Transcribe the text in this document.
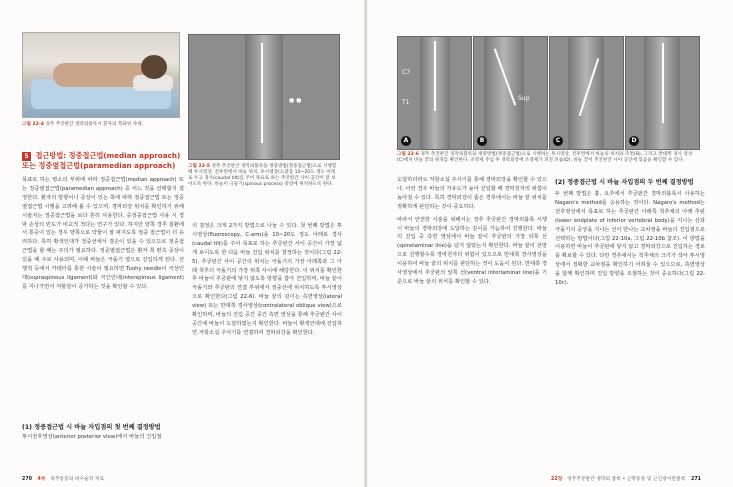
그림 22-4 경추 추궁판간 경막외블록시 환자의 복와위 자세.
● ●
그림 22-5 경추 추궁판간 경막외블록을 정중방법(정중접근법)으로 시행할 때 투시영상. 전후면에서 바늘 위치, 투시영상(도달을 10~20도 정도 아래로 두고 경사(caudal tilt)를 주어 목표로 하는 추궁판간 사이 공간이 잘 보이도록 한다. 바늘이 극돌기(spinous process) 중앙에 위치하도록 한다.
5 접근방법: 정중접근법(median approach) 또는 정중옆접근법(paramedian approach)
목표로 하는 병소의 부위에 따라 정중접근법(median approach) 또는 정중옆접근법(paramedian approach) 중 어느 것을 선택할지 결정한다. 환자의 방향이나 증상이 있는 쪽에 따라 정중접근법 또는 정중옆접근법 시행을 고려해 볼 수 있으며, 경막외강 위치를 확인하기 위해 시술자는 정중접근법을 보다 흔히 사용한다. 중정중접근법 사용 시 경막 손상의 빈도가 비교적 적다는 연구가 있다. 하지만 양쪽 경추 질환에서 통증이 있는 경우 양쪽으로 약물이 잘 퍼지도록 정중 접근법이 더 유리하다. 특히 황색인대가 정중선에서 결손이 있을 수 있으므로 정중접근법을 할 때는 주의가 필요하다. 정중옆접근법은 환자 쪽 편측 증상이 있을 때 주로 사용되며, 이때 바늘은 극돌기 옆으로 진입하게 된다. 선행적 등에서 카테터를 통한 시술이 필요하면 Tuohy needle이 극상인대(supraspinous ligament)와 극간인대(interspinous ligament)를 지나가면서 저항감이 증가하는 것을 확인할 수 있다.
(1) 정중접근법 시 바늘 자입점의 첫 번째 결정방법
투시전후영상(anterior posterior view)에서 바늘의 진입점
의 결정은 크게 2가지 방법으로 나눌 수 있다. 첫 번째 방법은 투시영상(fluoroscopy, C-arm)을 10~20도 정도 아래로 경사(caudal tilt)를 주어 목표로 하는 추궁판간 사이 공간이 가장 넓게 보이도록 한 다음 바늘 진입 위치를 결정하는 것이다(그림 22-5). 추궁판간 사이 공간의 위치는 극돌기의 가장 아래쪽과 그 아래 척추의 극돌기의 가장 위쪽 사이에 해당한다. 이 위치를 확인한 후 바늘이 추궁판에 닿지 않도록 방향을 잡아 진입하며, 바늘 끝이 극돌기와 추궁판의 연결 부위에서 정중선에 위치하도록 투시영상으로 확인한다(그림 22-6). 바늘 끝의 깊이는 측면영상(lateral view) 또는 반대쪽 경사영상(contralateral oblique view)으로 확인하며, 바늘의 진입 중간 중간 측면 영상을 통해 추궁판간 사이 공간에 바늘이 도달하였는지 확인한다. 바늘이 황색인대에 진입하면 저항소실 주사기를 연결하여 경막외강을 확인한다.
270 4부 척추통증의 비수술적 치료
C7
T1
A
Sup
B	C	D
그림 22-6 경추 추궁판간 경막외블록을 정중방법(정중접근법)으로 시행하는 투시영상. 전후면에서 바늘의 위치와 측면(B), 그리고 반대쪽 경사 영상(C)에서 바늘 끝의 위치를 확인한다. 조영제 주입 후 경막외강에 조영제가 퍼진 모습(D). 바늘 끝이 추궁판간 사이 공간에 있음을 확인할 수 있다.

도달하더라도 저항소실 주사기를 통해 경막외강을 확인할 수 있으나, 이런 경우 바늘의 자유도가 높아 진입할 때 경막천자의 위험이 높아질 수 있다. 특히 경막외강이 좁은 경추에서는 바늘 끝 위치를 정확하게 판단하는 것이 중요하다.

따라서 안전한 시술을 위해서는 경추 추궁판간 경막외블록 시행 시 바늘의 경막외강에 도달하는 깊이를 가늠하여 진행한다. 바늘의 진입 중 측면 영상에서 바늘 끝이 추궁판의 가장 뒤쪽 선(spinolaminar line)을 넘지 않았는지 확인한다. 바늘 끝이 전방으로 진행할수록 경막천자의 위험이 있으므로 반대쪽 경사영상을 이용하여 바늘 끝의 위치를 판단하는 것이 도움이 된다. 반대쪽 경사영상에서 추궁판의 앞쪽 선(ventral interlaminar line)을 기준으로 바늘 끝의 위치를 확인할 수 있다.

(2) 정중접근법 시 바늘 자입점의 두 번째 결정방법
두 번째 방법은 흉, 요추에서 추궁판간 경막외블록시 사용하는 Nagaro's method를 응용하는 것이다. Nagaro's method는 전후영상에서 목표로 하는 추궁판간 아래쪽 척추체의 아래 추판(lower endplate of inferior vertebral body)을 지나는 선과 극돌기의 중앙을 지나는 선이 만나는 교차점을 바늘의 진입점으로 선택하는 방법이다(그림 22-10a, 그림 22-10b 참조). 이 방법을 이용하면 바늘이 추궁판에 닿지 않고 경막외강으로 진입하는 경로를 확보할 수 있다. 다만 경추에서는 척추체의 크기가 작아 투시영상에서 정확한 교차점을 확인하기 어려울 수 있으므로, 측면영상을 함께 확인하며 진입 방향을 조절하는 것이 중요하다(그림 22-10c).
22장 경추추궁판간 경막외 블록 • 근막동통 및 근긴장이완블록 271
